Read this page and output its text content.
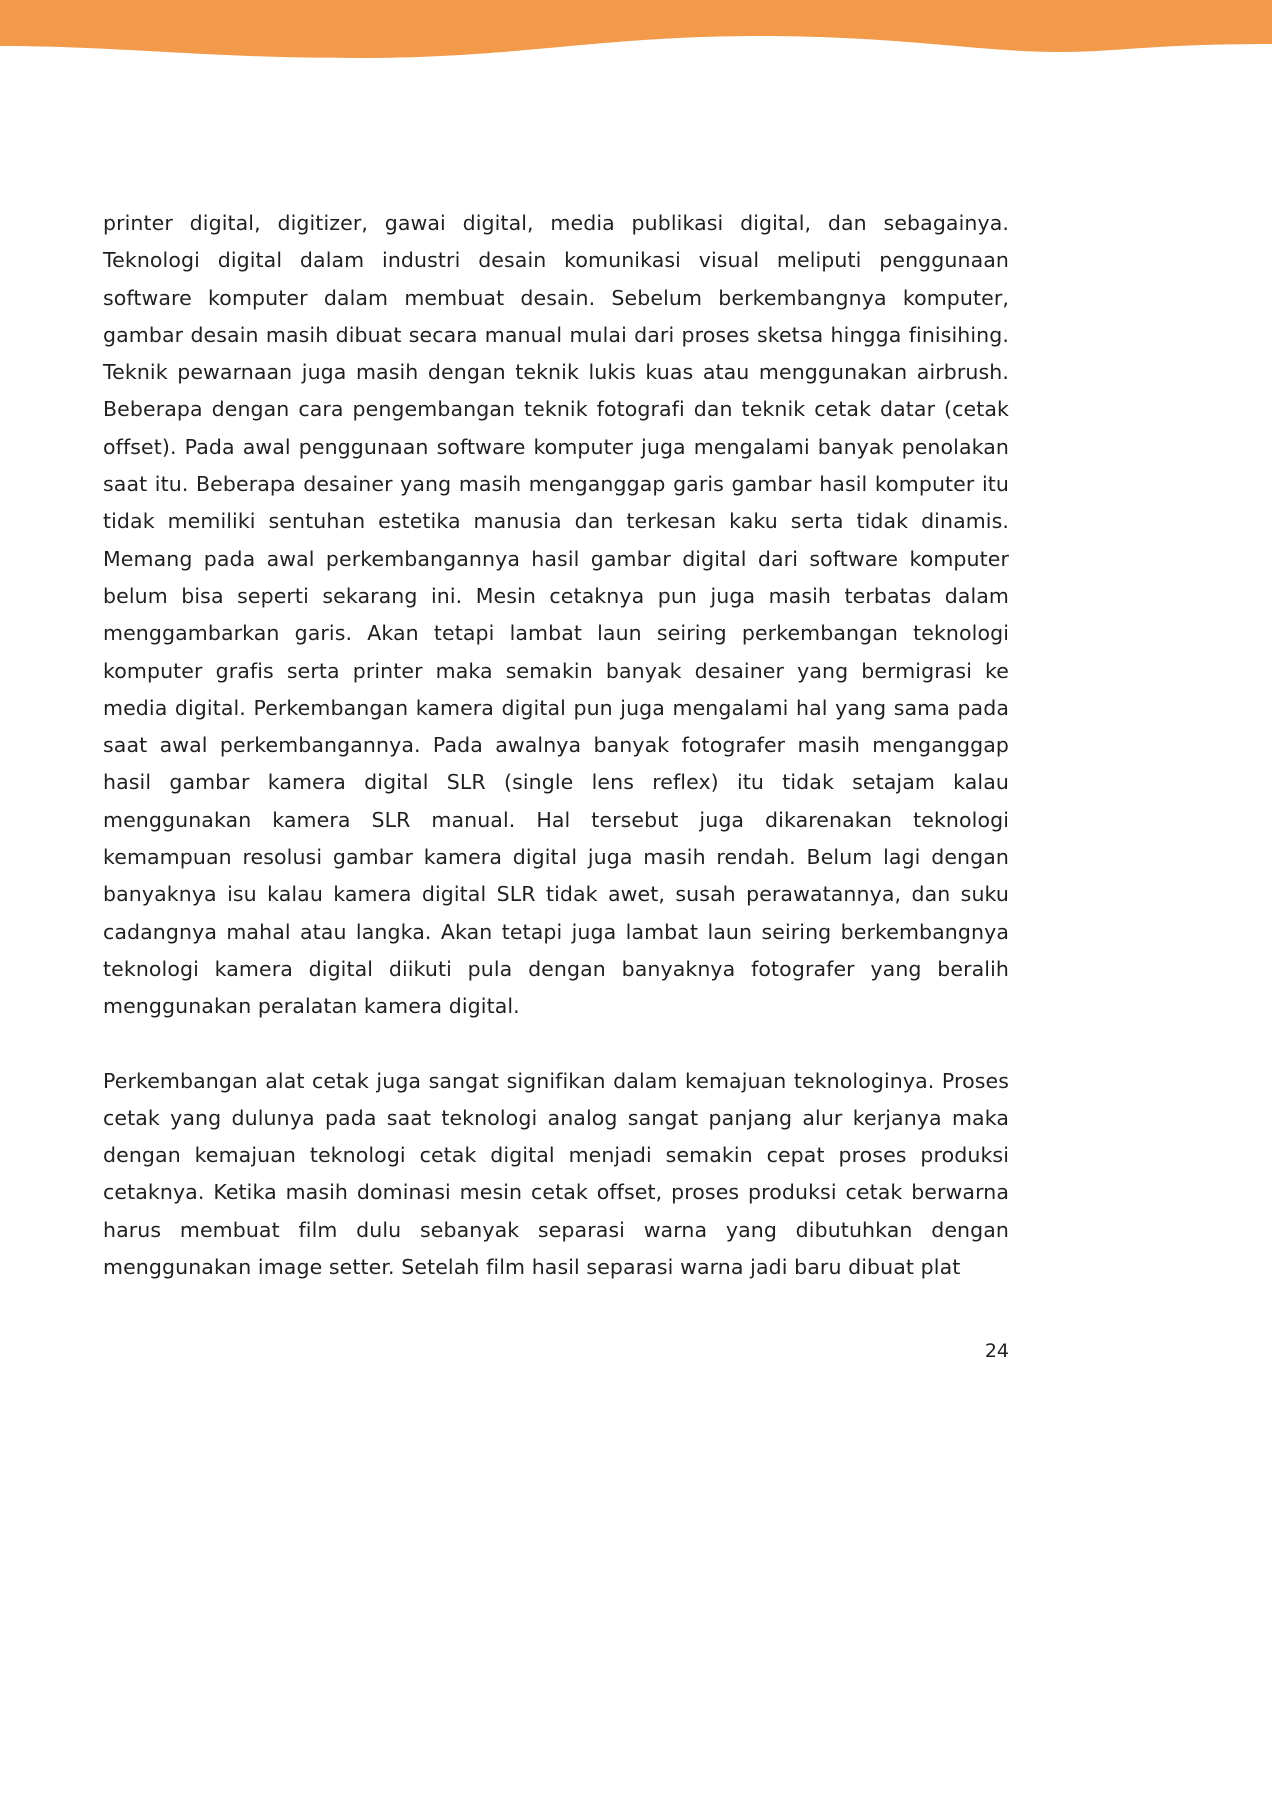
printer digital, digitizer, gawai digital, media publikasi digital, dan sebagainya. Teknologi digital dalam industri desain komunikasi visual meliputi penggunaan software komputer dalam membuat desain. Sebelum berkembangnya komputer, gambar desain masih dibuat secara manual mulai dari proses sketsa hingga finisihing. Teknik pewarnaan juga masih dengan teknik lukis kuas atau menggunakan airbrush. Beberapa dengan cara pengembangan teknik fotografi dan teknik cetak datar (cetak offset). Pada awal penggunaan software komputer juga mengalami banyak penolakan saat itu. Beberapa desainer yang masih menganggap garis gambar hasil komputer itu tidak memiliki sentuhan estetika manusia dan terkesan kaku serta tidak dinamis. Memang pada awal perkembangannya hasil gambar digital dari software komputer belum bisa seperti sekarang ini. Mesin cetaknya pun juga masih terbatas dalam menggambarkan garis. Akan tetapi lambat laun seiring perkembangan teknologi komputer grafis serta printer maka semakin banyak desainer yang bermigrasi ke media digital. Perkembangan kamera digital pun juga mengalami hal yang sama pada saat awal perkembangannya. Pada awalnya banyak fotografer masih menganggap hasil gambar kamera digital SLR (single lens reflex) itu tidak setajam kalau menggunakan kamera SLR manual. Hal tersebut juga dikarenakan teknologi kemampuan resolusi gambar kamera digital juga masih rendah. Belum lagi dengan banyaknya isu kalau kamera digital SLR tidak awet, susah perawatannya, dan suku cadangnya mahal atau langka. Akan tetapi juga lambat laun seiring berkembangnya teknologi kamera digital diikuti pula dengan banyaknya fotografer yang beralih menggunakan peralatan kamera digital.

Perkembangan alat cetak juga sangat signifikan dalam kemajuan teknologinya. Proses cetak yang dulunya pada saat teknologi analog sangat panjang alur kerjanya maka dengan kemajuan teknologi cetak digital menjadi semakin cepat proses produksi cetaknya. Ketika masih dominasi mesin cetak offset, proses produksi cetak berwarna harus membuat film dulu sebanyak separasi warna yang dibutuhkan dengan menggunakan image setter. Setelah film hasil separasi warna jadi baru dibuat plat

24
